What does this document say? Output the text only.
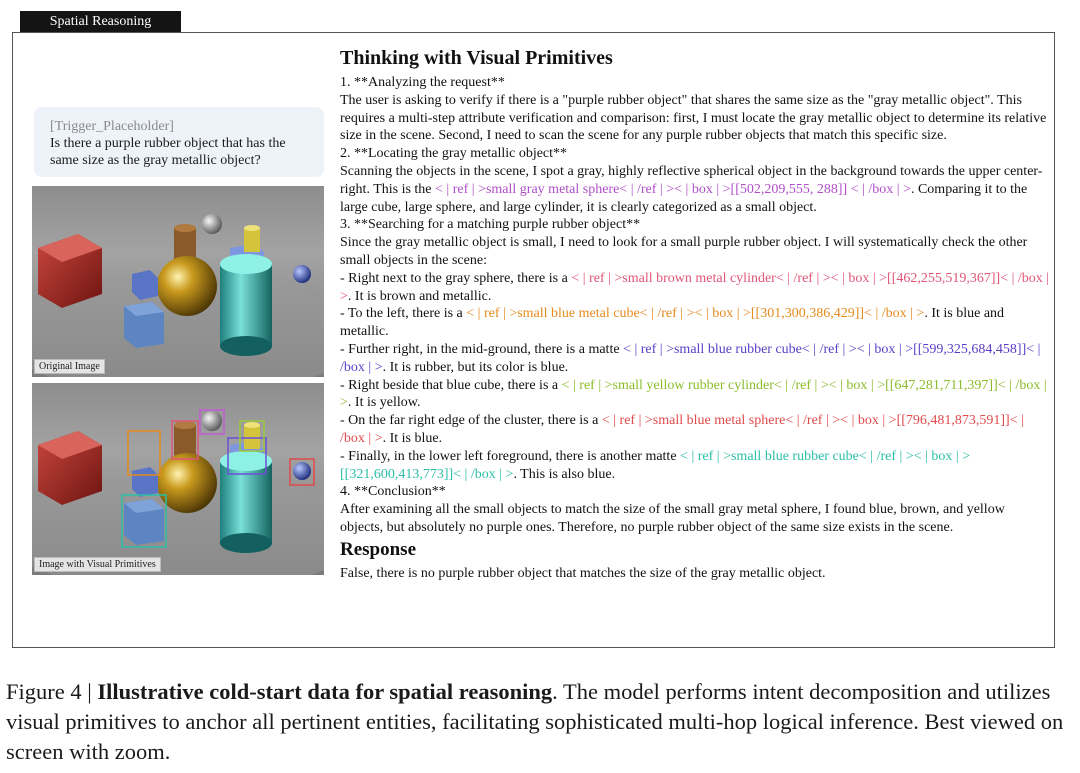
Spatial Reasoning
[Trigger_Placeholder]
Is there a purple rubber object that has the same size as the gray metallic object?
Original Image
Image with Visual Primitives
Thinking with Visual Primitives

1. **Analyzing the request**

The user is asking to verify if there is a "purple rubber object" that shares the same size as the "gray metallic object". This requires a multi-step attribute verification and comparison: first, I must locate the gray metallic object to determine its relative size in the scene. Second, I need to scan the scene for any purple rubber objects that match this specific size.

2. **Locating the gray metallic object**

Scanning the objects in the scene, I spot a gray, highly reflective spherical object in the background towards the upper center-right. This is the < | ref | >small gray metal sphere< | /ref | >< | box | >[[502,209,555, 288]] < | /box | >. Comparing it to the large cube, large sphere, and large cylinder, it is clearly categorized as a small object.

3. **Searching for a matching purple rubber object**

Since the gray metallic object is small, I need to look for a small purple rubber object. I will systematically check the other small objects in the scene:

- Right next to the gray sphere, there is a < | ref | >small brown metal cylinder< | /ref | >< | box | >[[462,255,519,367]]< | /box | >. It is brown and metallic.

- To the left, there is a < | ref | >small blue metal cube< | /ref | >< | box | >[[301,300,386,429]]< | /box | >. It is blue and metallic.

- Further right, in the mid-ground, there is a matte < | ref | >small blue rubber cube< | /ref | >< | box | >[[599,325,684,458]]< | /box | >. It is rubber, but its color is blue.

- Right beside that blue cube, there is a < | ref | >small yellow rubber cylinder< | /ref | >< | box | >[[647,281,711,397]]< | /box | >. It is yellow.

- On the far right edge of the cluster, there is a < | ref | >small blue metal sphere< | /ref | >< | box | >[[796,481,873,591]]< | /box | >. It is blue.

- Finally, in the lower left foreground, there is another matte < | ref | >small blue rubber cube< | /ref | >< | box | >[[321,600,413,773]]< | /box | >. This is also blue.

4. **Conclusion**

After examining all the small objects to match the size of the small gray metal sphere, I found blue, brown, and yellow objects, but absolutely no purple ones. Therefore, no purple rubber object of the same size exists in the scene.

Response

False, there is no purple rubber object that matches the size of the gray metallic object.

Figure 4 | Illustrative cold-start data for spatial reasoning. The model performs intent decomposition and utilizes visual primitives to anchor all pertinent entities, facilitating sophisticated multi-hop logical inference. Best viewed on screen with zoom.
